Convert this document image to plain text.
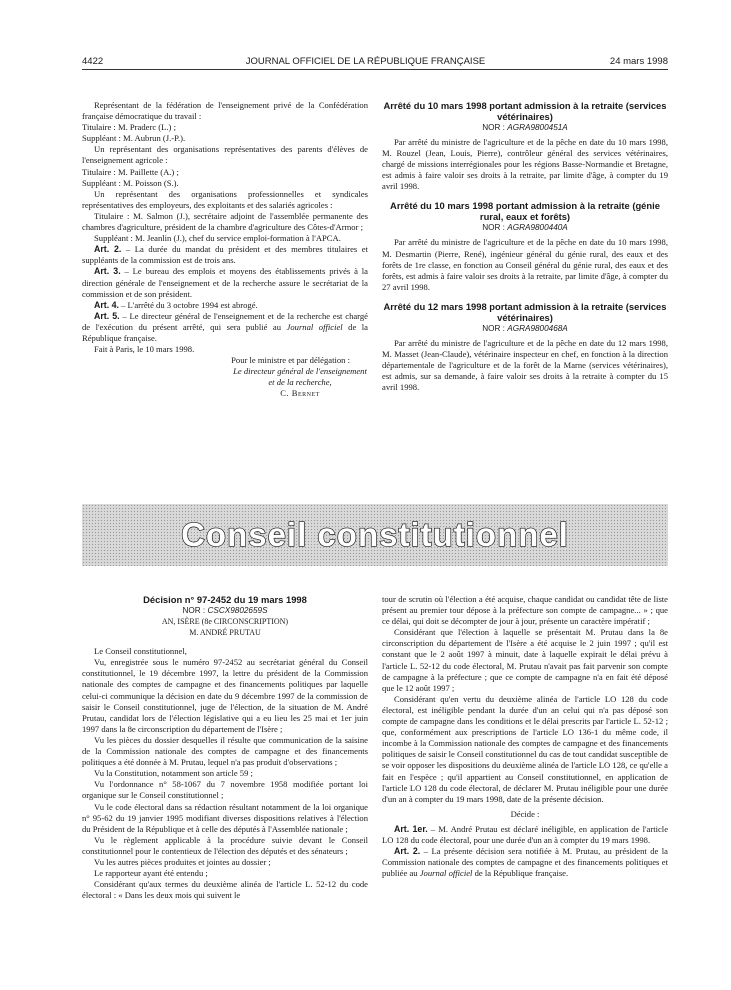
4422	JOURNAL OFFICIEL DE LA RÉPUBLIQUE FRANÇAISE	24 mars 1998

Représentant de la fédération de l'enseignement privé de la Confédération française démocratique du travail :

Titulaire : M. Praderc (L.) ;

Suppléant : M. Aubrun (J.-P.).

Un représentant des organisations représentatives des parents d'élèves de l'enseignement agricole :

Titulaire : M. Paillette (A.) ;

Suppléant : M. Poisson (S.).

Un représentant des organisations professionnelles et syndicales représentatives des employeurs, des exploitants et des salariés agricoles :

Titulaire : M. Salmon (J.), secrétaire adjoint de l'assemblée permanente des chambres d'agriculture, président de la chambre d'agriculture des Côtes-d'Armor ;

Suppléant : M. Jeanlin (J.), chef du service emploi-formation à l'APCA.

Art. 2. – La durée du mandat du président et des membres titulaires et suppléants de la commission est de trois ans.

Art. 3. – Le bureau des emplois et moyens des établissements privés à la direction générale de l'enseignement et de la recherche assure le secrétariat de la commission et de son président.

Art. 4. – L'arrêté du 3 octobre 1994 est abrogé.

Art. 5. – Le directeur général de l'enseignement et de la recherche est chargé de l'exécution du présent arrêté, qui sera publié au Journal officiel de la République française.

Fait à Paris, le 10 mars 1998.

Pour le ministre et par délégation :

Le directeur général de l'enseignement et de la recherche,

C. Bernet

Arrêté du 10 mars 1998 portant admission à la retraite (services vétérinaires)
NOR : AGRA9800451A

Par arrêté du ministre de l'agriculture et de la pêche en date du 10 mars 1998, M. Rouzel (Jean, Louis, Pierre), contrôleur général des services vétérinaires, chargé de missions interrégionales pour les régions Basse-Normandie et Bretagne, est admis à faire valoir ses droits à la retraite, par limite d'âge, à compter du 19 avril 1998.

Arrêté du 10 mars 1998 portant admission à la retraite (génie rural, eaux et forêts)
NOR : AGRA9800440A

Par arrêté du ministre de l'agriculture et de la pêche en date du 10 mars 1998, M. Desmartin (Pierre, René), ingénieur général du génie rural, des eaux et des forêts de 1re classe, en fonction au Conseil général du génie rural, des eaux et des forêts, est admis à faire valoir ses droits à la retraite, par limite d'âge, à compter du 27 avril 1998.

Arrêté du 12 mars 1998 portant admission à la retraite (services vétérinaires)
NOR : AGRA9800468A

Par arrêté du ministre de l'agriculture et de la pêche en date du 12 mars 1998, M. Masset (Jean-Claude), vétérinaire inspecteur en chef, en fonction à la direction départementale de l'agriculture et de la forêt de la Marne (services vétérinaires), est admis, sur sa demande, à faire valoir ses droits à la retraite à compter du 15 avril 1998.

Conseil constitutionnel
Décision n° 97-2452 du 19 mars 1998
NOR : CSCX9802659S
AN, ISÈRE (8e CIRCONSCRIPTION)
M. ANDRÉ PRUTAU

Le Conseil constitutionnel,

Vu, enregistrée sous le numéro 97-2452 au secrétariat général du Conseil constitutionnel, le 19 décembre 1997, la lettre du président de la Commission nationale des comptes de campagne et des financements politiques par laquelle celui-ci communique la décision en date du 9 décembre 1997 de la commission de saisir le Conseil constitutionnel, juge de l'élection, de la situation de M. André Prutau, candidat lors de l'élection législative qui a eu lieu les 25 mai et 1er juin 1997 dans la 8e circonscription du département de l'Isère ;

Vu les pièces du dossier desquelles il résulte que communication de la saisine de la Commission nationale des comptes de campagne et des financements politiques a été donnée à M. Prutau, lequel n'a pas produit d'observations ;

Vu la Constitution, notamment son article 59 ;

Vu l'ordonnance n° 58-1067 du 7 novembre 1958 modifiée portant loi organique sur le Conseil constitutionnel ;

Vu le code électoral dans sa rédaction résultant notamment de la loi organique n° 95-62 du 19 janvier 1995 modifiant diverses dispositions relatives à l'élection du Président de la République et à celle des députés à l'Assemblée nationale ;

Vu le règlement applicable à la procédure suivie devant le Conseil constitutionnel pour le contentieux de l'élection des députés et des sénateurs ;

Vu les autres pièces produites et jointes au dossier ;

Le rapporteur ayant été entendu ;

Considérant qu'aux termes du deuxième alinéa de l'article L. 52-12 du code électoral : « Dans les deux mois qui suivent le

tour de scrutin où l'élection a été acquise, chaque candidat ou candidat tête de liste présent au premier tour dépose à la préfecture son compte de campagne... » ; que ce délai, qui doit se décompter de jour à jour, présente un caractère impératif ;

Considérant que l'élection à laquelle se présentait M. Prutau dans la 8e circonscription du département de l'Isère a été acquise le 2 juin 1997 ; qu'il est constant que le 2 août 1997 à minuit, date à laquelle expirait le délai prévu à l'article L. 52-12 du code électoral, M. Prutau n'avait pas fait parvenir son compte de campagne à la préfecture ; que ce compte de campagne n'a en fait été déposé que le 12 août 1997 ;

Considérant qu'en vertu du deuxième alinéa de l'article LO 128 du code électoral, est inéligible pendant la durée d'un an celui qui n'a pas déposé son compte de campagne dans les conditions et le délai prescrits par l'article L. 52-12 ; que, conformément aux prescriptions de l'article LO 136-1 du même code, il incombe à la Commission nationale des comptes de campagne et des financements politiques de saisir le Conseil constitutionnel du cas de tout candidat susceptible de se voir opposer les dispositions du deuxième alinéa de l'article LO 128, ce qu'elle a fait en l'espèce ; qu'il appartient au Conseil constitutionnel, en application de l'article LO 128 du code électoral, de déclarer M. Prutau inéligible pour une durée d'un an à compter du 19 mars 1998, date de la présente décision.

Décide :

Art. 1er. – M. André Prutau est déclaré inéligible, en application de l'article LO 128 du code électoral, pour une durée d'un an à compter du 19 mars 1998.

Art. 2. – La présente décision sera notifiée à M. Prutau, au président de la Commission nationale des comptes de campagne et des financements politiques et publiée au Journal officiel de la République française.
